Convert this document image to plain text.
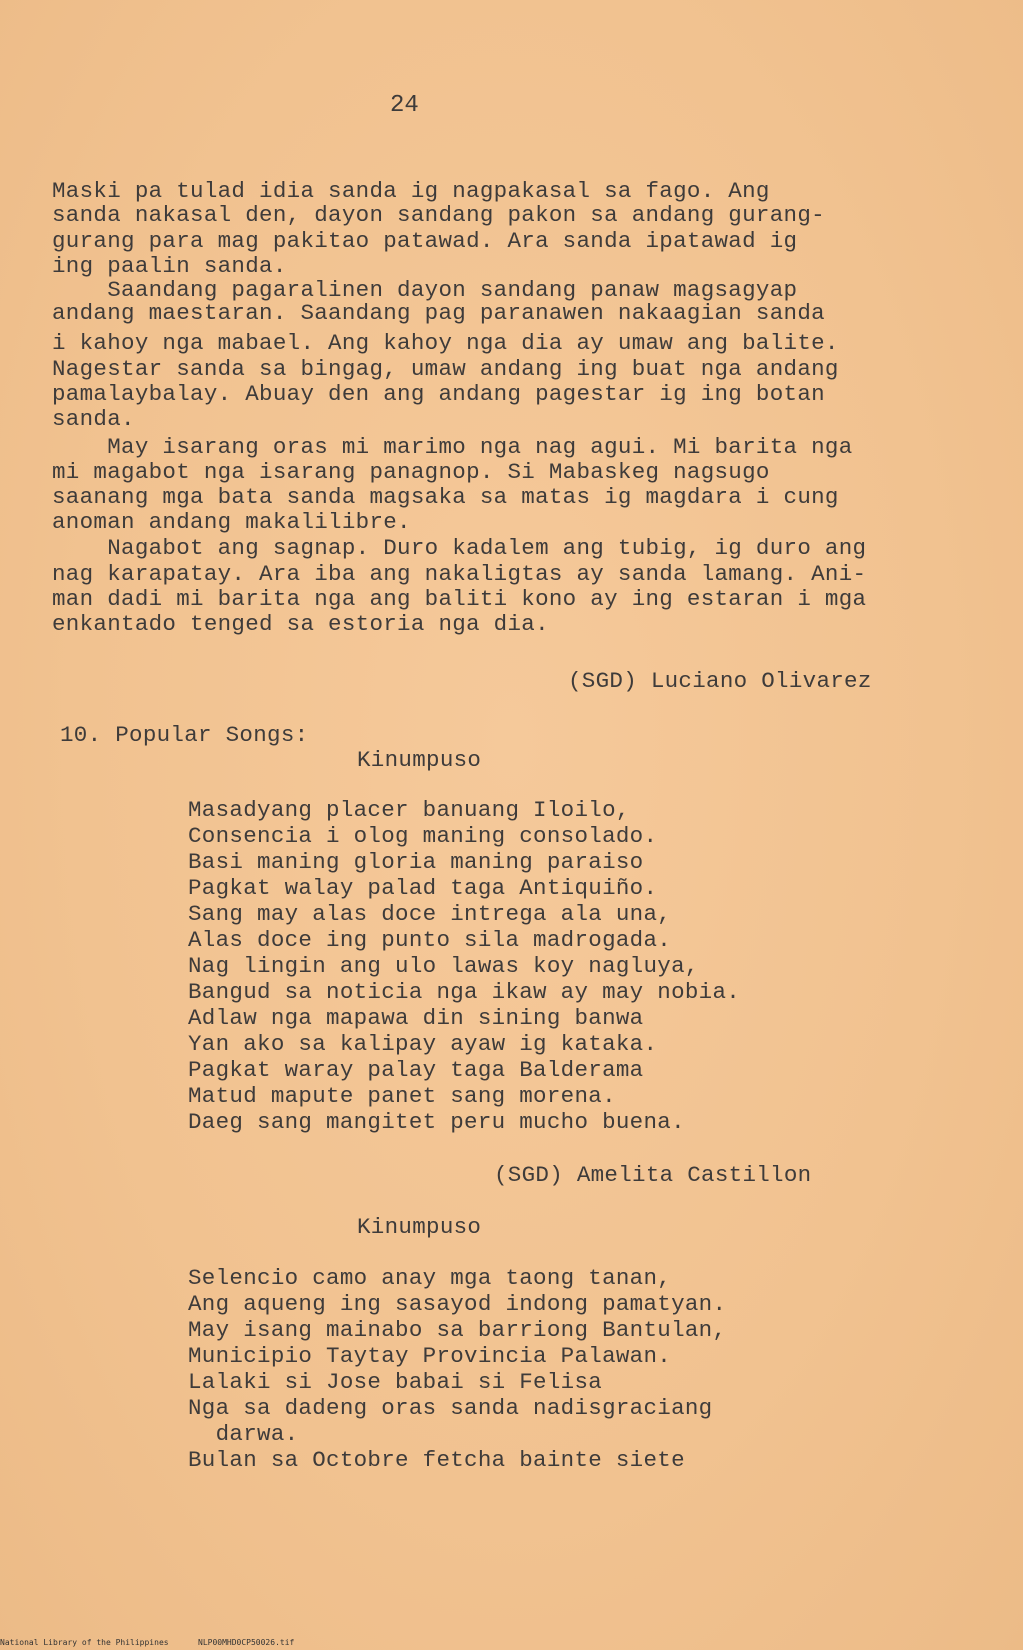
24
Maski pa tulad idia sanda ig nagpakasal sa fago. Ang
sanda nakasal den, dayon sandang pakon sa andang gurang-
gurang para mag pakitao patawad. Ara sanda ipatawad ig
ing paalin sanda.
Saandang pagaralinen dayon sandang panaw magsagyap
andang maestaran. Saandang pag paranawen nakaagian sanda
i kahoy nga mabael. Ang kahoy nga dia ay umaw ang balite.
Nagestar sanda sa bingag, umaw andang ing buat nga andang
pamalaybalay. Abuay den ang andang pagestar ig ing botan
sanda.
May isarang oras mi marimo nga nag agui. Mi barita nga
mi magabot nga isarang panagnop. Si Mabaskeg nagsugo
saanang mga bata sanda magsaka sa matas ig magdara i cung
anoman andang makalilibre.
Nagabot ang sagnap. Duro kadalem ang tubig, ig duro ang
nag karapatay. Ara iba ang nakaligtas ay sanda lamang. Ani-
man dadi mi barita nga ang baliti kono ay ing estaran i mga
enkantado tenged sa estoria nga dia.
(SGD) Luciano Olivarez
10. Popular Songs:
Kinumpuso
Masadyang placer banuang Iloilo,
Consencia i olog maning consolado.
Basi maning gloria maning paraiso
Pagkat walay palad taga Antiquiño.
Sang may alas doce intrega ala una,
Alas doce ing punto sila madrogada.
Nag lingin ang ulo lawas koy nagluya,
Bangud sa noticia nga ikaw ay may nobia.
Adlaw nga mapawa din sining banwa
Yan ako sa kalipay ayaw ig kataka.
Pagkat waray palay taga Balderama
Matud mapute panet sang morena.
Daeg sang mangitet peru mucho buena.
(SGD) Amelita Castillon
Kinumpuso
Selencio camo anay mga taong tanan,
Ang aqueng ing sasayod indong pamatyan.
May isang mainabo sa barriong Bantulan,
Municipio Taytay Provincia Palawan.
Lalaki si Jose babai si Felisa
Nga sa dadeng oras sanda nadisgraciang
darwa.
Bulan sa Octobre fetcha bainte siete
National Library of the Philippines	NLP00MHD0CP50026.tif
